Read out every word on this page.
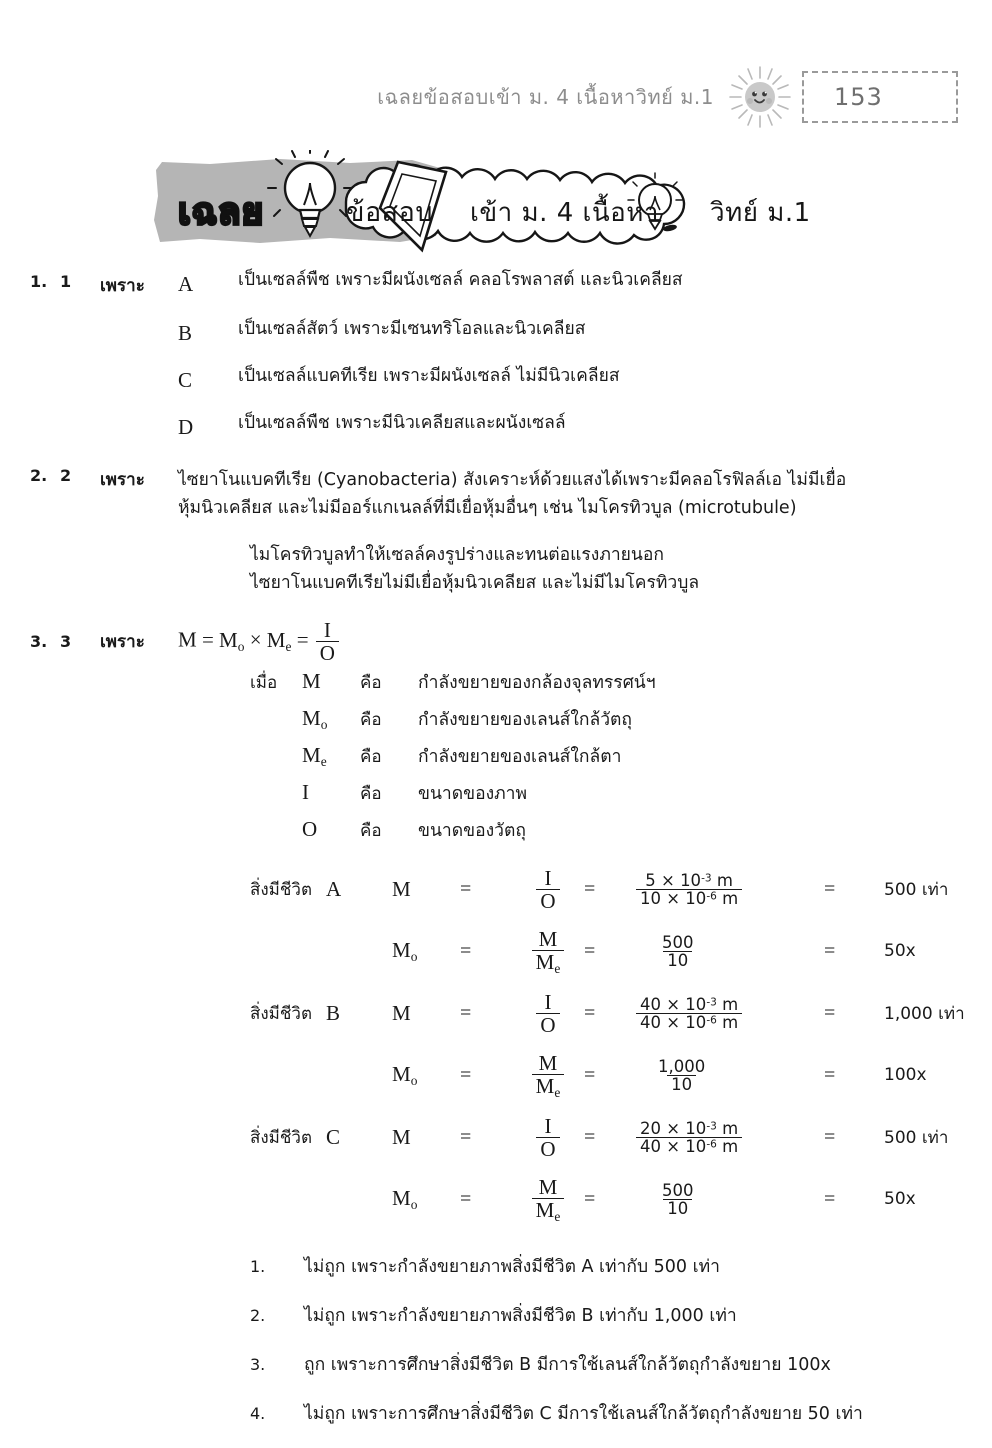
เฉลยข้อสอบเข้า ม. 4 เนื้อหาวิทย์ ม.1	153
เฉลย	ข้อสอบ เข้า ม. 4 เนื้อหา วิทย์ ม.1
1. 1	เพราะ	A	เป็นเซลล์พืช เพราะมีผนังเซลล์ คลอโรพลาสต์ และนิวเคลียส
B	เป็นเซลล์สัตว์ เพราะมีเซนทริโอลและนิวเคลียส
C	เป็นเซลล์แบคทีเรีย เพราะมีผนังเซลล์ ไม่มีนิวเคลียส
D	เป็นเซลล์พืช เพราะมีนิวเคลียสและผนังเซลล์
2. 2	เพราะ	ไซยาโนแบคทีเรีย (Cyanobacteria) สังเคราะห์ด้วยแสงได้เพราะมีคลอโรฟิลล์เอ ไม่มีเยื่อหุ้มนิวเคลียส และไม่มีออร์แกเนลล์ที่มีเยื่อหุ้มอื่นๆ เช่น ไมโครทิวบูล (microtubule)
ไมโครทิวบูลทำให้เซลล์คงรูปร่างและทนต่อแรงภายนอก
ไซยาโนแบคทีเรียไม่มีเยื่อหุ้มนิวเคลียส และไม่มีไมโครทิวบูล
3. 3	เพราะ	$M = M_o \times M_e = \frac{I}{O}$
เมื่อ	M	คือ	กำลังขยายของกล้องจุลทรรศน์ฯ
$M_o$	คือ	กำลังขยายของเลนส์ใกล้วัตถุ
$M_e$	คือ	กำลังขยายของเลนส์ใกล้ตา
I	คือ	ขนาดของภาพ
O	คือ	ขนาดของวัตถุ
สิ่งมีชีวิต A	M	=	$\frac{I}{O}$ =	$\frac{5 \times 10^{-3} m}{10 \times 10^{-6} m}$	=	500 เท่า
$M_o$	=	$\frac{M}{M_e}$ =	$\frac{500}{10}$	=	50x
สิ่งมีชีวิต B	M	=	$\frac{I}{O}$ =	$\frac{40 \times 10^{-3} m}{40 \times 10^{-6} m}$	=	1,000 เท่า
$M_o$	=	$\frac{M}{M_e}$ =	$\frac{1,000}{10}$	=	100x
สิ่งมีชีวิต C	M	=	$\frac{I}{O}$ =	$\frac{20 \times 10^{-3} m}{40 \times 10^{-6} m}$	=	500 เท่า
$M_o$	=	$\frac{M}{M_e}$ =	$\frac{500}{10}$	=	50x
1.	ไม่ถูก เพราะกำลังขยายภาพสิ่งมีชีวิต A เท่ากับ 500 เท่า
2.	ไม่ถูก เพราะกำลังขยายภาพสิ่งมีชีวิต B เท่ากับ 1,000 เท่า
3.	ถูก เพราะการศึกษาสิ่งมีชีวิต B มีการใช้เลนส์ใกล้วัตถุกำลังขยาย 100x
4.	ไม่ถูก เพราะการศึกษาสิ่งมีชีวิต C มีการใช้เลนส์ใกล้วัตถุกำลังขยาย 50 เท่า
